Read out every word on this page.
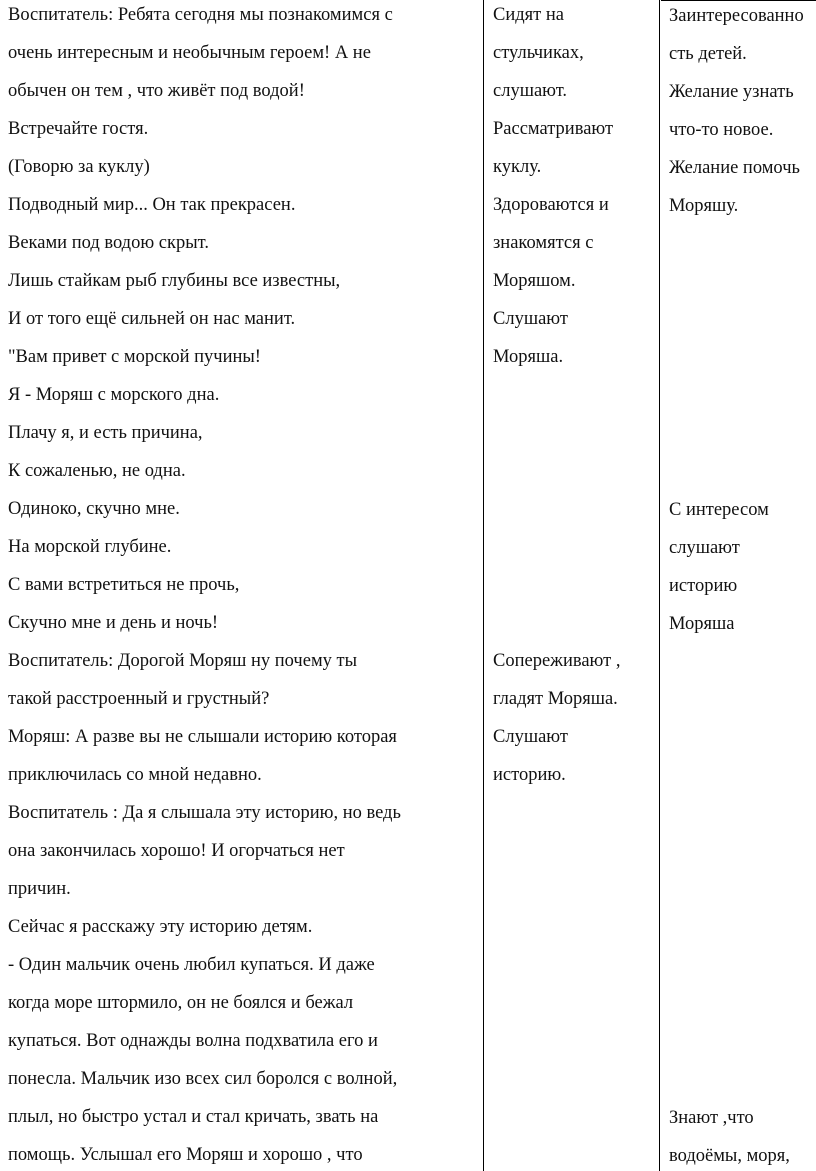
Воспитатель: Ребята сегодня мы познакомимся с
очень интересным и необычным героем! А не
обычен он тем , что живёт под водой!
Встречайте гостя.
(Говорю за куклу)
Подводный мир... Он так прекрасен.
Веками под водою скрыт.
Лишь стайкам рыб глубины все известны,
И от того ещё сильней он нас манит.
"Вам привет с морской пучины!
Я - Моряш с морского дна.
Плачу я, и есть причина,
К сожаленью, не одна.
Одиноко, скучно мне.
На морской глубине.
С вами встретиться не прочь,
Скучно мне и день и ночь!
Воспитатель: Дорогой Моряш ну почему ты
такой расстроенный и грустный?
Моряш: А разве вы не слышали историю которая
приключилась со мной недавно.
Воспитатель : Да я слышала эту историю, но ведь
она закончилась хорошо! И огорчаться нет
причин.
Сейчас я расскажу эту историю детям.
- Один мальчик очень любил купаться. И даже
когда море штормило, он не боялся и бежал
купаться. Вот однажды волна подхватила его и
понесла. Мальчик изо всех сил боролся с волной,
плыл, но быстро устал и стал кричать, звать на
помощь. Услышал его Моряш и хорошо , что
Сидят на
стульчиках,
слушают.
Рассматривают
куклу.
Здороваются и
знакомятся с
Моряшом.
Слушают
Моряша.
Сопереживают ,
гладят Моряша.
Слушают
историю.
Заинтересованно
сть детей.
Желание узнать
что-то новое.
Желание помочь
Моряшу.
С интересом
слушают
историю
Моряша
Знают ,что
водоёмы, моря,
